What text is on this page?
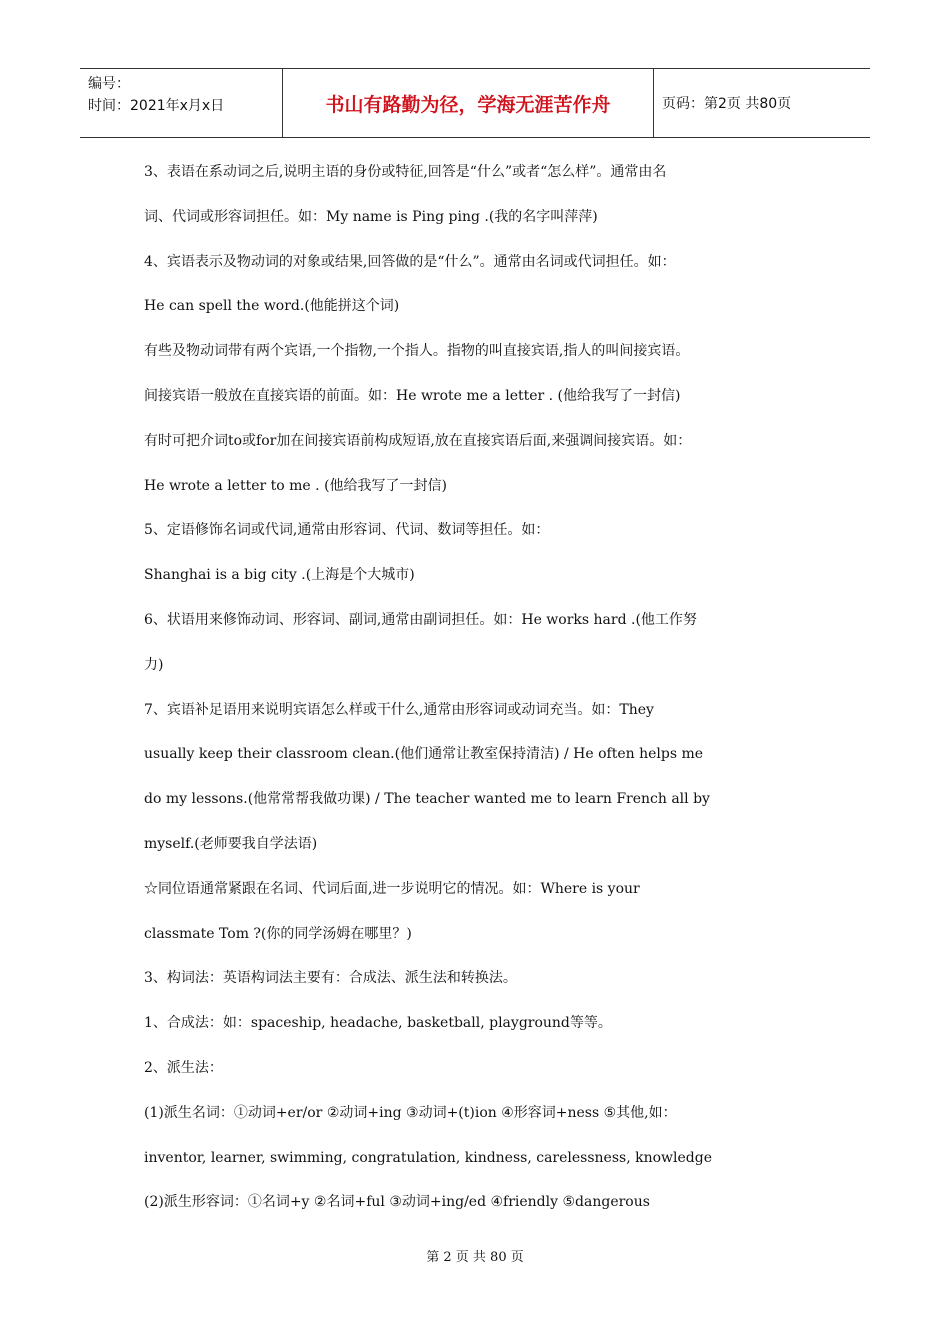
编号：
时间：2021年x月x日	书山有路勤为径，学海无涯苦作舟	页码：第2页 共80页
3、表语在系动词之后,说明主语的身份或特征,回答是“什么”或者“怎么样”。通常由名
词、代词或形容词担任。如：My name is Ping ping .(我的名字叫萍萍)
4、宾语表示及物动词的对象或结果,回答做的是“什么”。通常由名词或代词担任。如：
He can spell the word.(他能拼这个词)
有些及物动词带有两个宾语,一个指物,一个指人。指物的叫直接宾语,指人的叫间接宾语。
间接宾语一般放在直接宾语的前面。如：He wrote me a letter . (他给我写了一封信)
有时可把介词to或for加在间接宾语前构成短语,放在直接宾语后面,来强调间接宾语。如：
He wrote a letter to me . (他给我写了一封信)
5、定语修饰名词或代词,通常由形容词、代词、数词等担任。如：
Shanghai is a big city .(上海是个大城市)
6、状语用来修饰动词、形容词、副词,通常由副词担任。如：He works hard .(他工作努
力)
7、宾语补足语用来说明宾语怎么样或干什么,通常由形容词或动词充当。如：They
usually keep their classroom clean.(他们通常让教室保持清洁) / He often helps me
do my lessons.(他常常帮我做功课) / The teacher wanted me to learn French all by
myself.(老师要我自学法语)
☆同位语通常紧跟在名词、代词后面,进一步说明它的情况。如：Where is your
classmate Tom ?(你的同学汤姆在哪里？)
3、构词法：英语构词法主要有：合成法、派生法和转换法。
1、合成法：如：spaceship, headache, basketball, playground等等。
2、派生法：
(1)派生名词：①动词+er/or ②动词+ing ③动词+(t)ion ④形容词+ness ⑤其他,如：
inventor, learner, swimming, congratulation, kindness, carelessness, knowledge
(2)派生形容词：①名词+y ②名词+ful ③动词+ing/ed ④friendly ⑤dangerous
第 2 页 共 80 页
